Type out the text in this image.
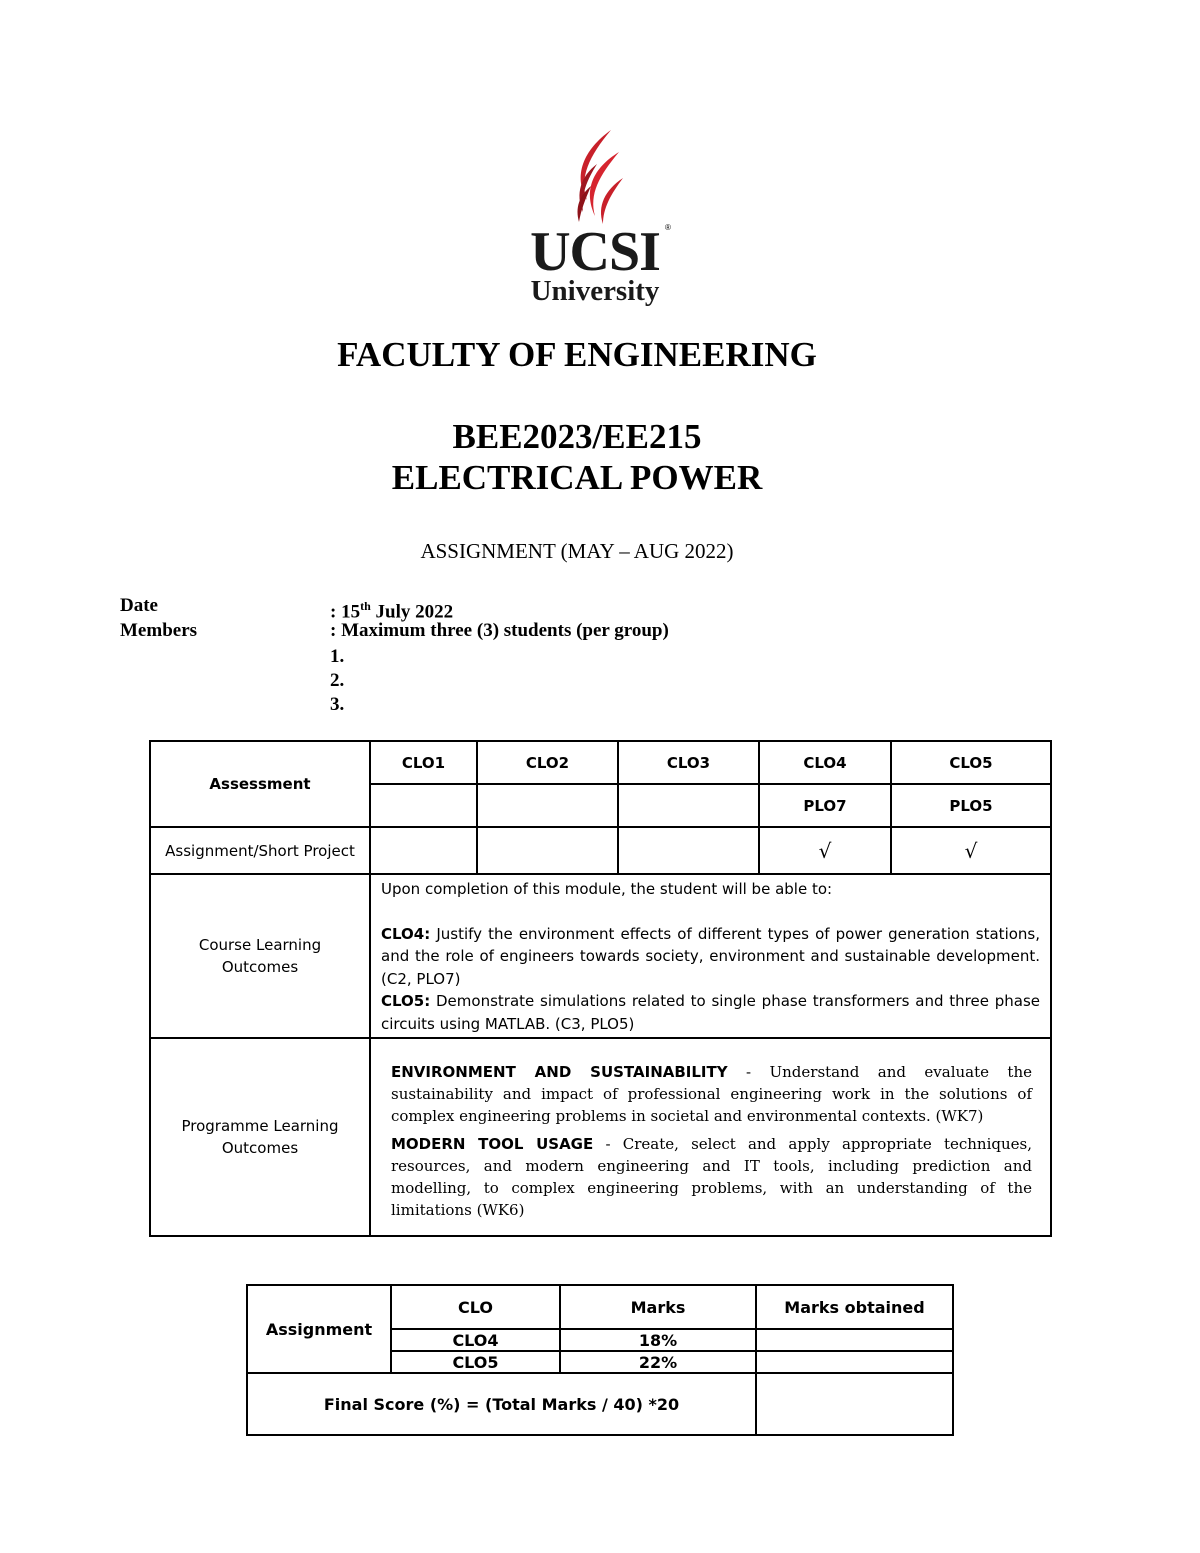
UCSI ®
University
FACULTY OF ENGINEERING
BEE2023/EE215
ELECTRICAL POWER
ASSIGNMENT (MAY – AUG 2022)
Date	: 15th July 2022
Members	: Maximum three (3) students (per group)
1.
2.
3.
Assessment	CLO1	CLO2	CLO3	CLO4	CLO5
				PLO7	PLO5
Assignment/Short Project				√	√
Course Learning Outcomes	Upon completion of this module, the student will be able to:
CLO4: Justify the environment effects of different types of power generation stations, and the role of engineers towards society, environment and sustainable development. (C2, PLO7)
CLO5: Demonstrate simulations related to single phase transformers and three phase circuits using MATLAB. (C3, PLO5)				

Programme Learning Outcomes	ENVIRONMENT AND SUSTAINABILITY - Understand and evaluate the sustainability and impact of professional engineering work in the solutions of complex engineering problems in societal and environmental contexts. (WK7)
MODERN TOOL USAGE - Create, select and apply appropriate techniques, resources, and modern engineering and IT tools, including prediction and modelling, to complex engineering problems, with an understanding of the limitations (WK6)				
Assignment	CLO	Marks	Marks obtained
	CLO4	18%	
	CLO5	22%	
Final Score (%) = (Total Marks / 40) *20			
